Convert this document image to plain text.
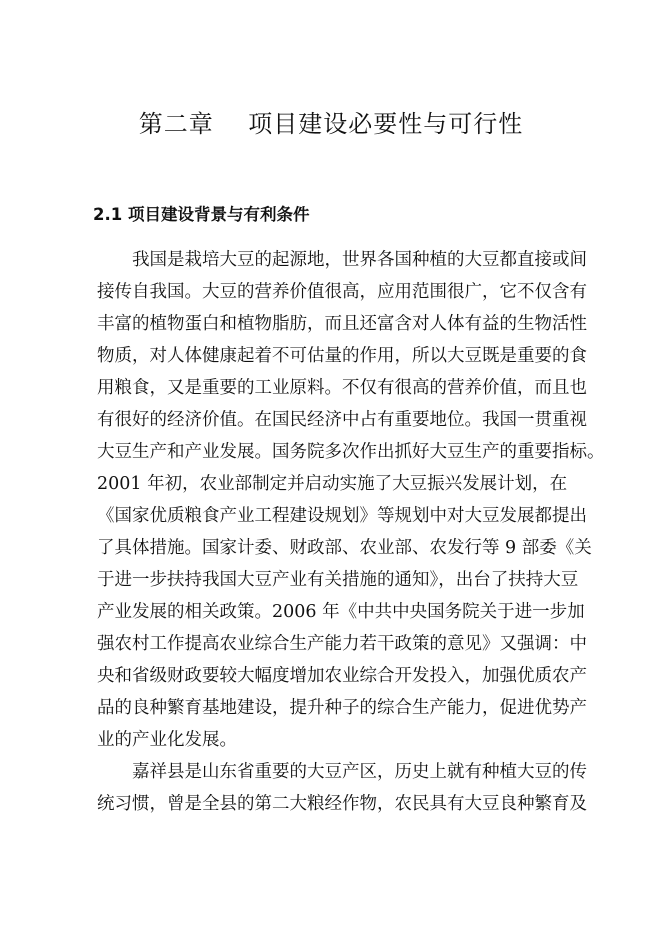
第二章    项目建设必要性与可行性
2.1 项目建设背景与有利条件
我国是栽培大豆的起源地，世界各国种植的大豆都直接或间
接传自我国。大豆的营养价值很高，应用范围很广，它不仅含有
丰富的植物蛋白和植物脂肪，而且还富含对人体有益的生物活性
物质，对人体健康起着不可估量的作用，所以大豆既是重要的食
用粮食，又是重要的工业原料。不仅有很高的营养价值，而且也
有很好的经济价值。在国民经济中占有重要地位。我国一贯重视
大豆生产和产业发展。国务院多次作出抓好大豆生产的重要指标。
2001 年初，农业部制定并启动实施了大豆振兴发展计划，在
《国家优质粮食产业工程建设规划》等规划中对大豆发展都提出
了具体措施。国家计委、财政部、农业部、农发行等 9 部委《关
于进一步扶持我国大豆产业有关措施的通知》，出台了扶持大豆
产业发展的相关政策。2006 年《中共中央国务院关于进一步加
强农村工作提高农业综合生产能力若干政策的意见》又强调：中
央和省级财政要较大幅度增加农业综合开发投入，加强优质农产
品的良种繁育基地建设，提升种子的综合生产能力，促进优势产
业的产业化发展。
嘉祥县是山东省重要的大豆产区，历史上就有种植大豆的传
统习惯，曾是全县的第二大粮经作物，农民具有大豆良种繁育及
